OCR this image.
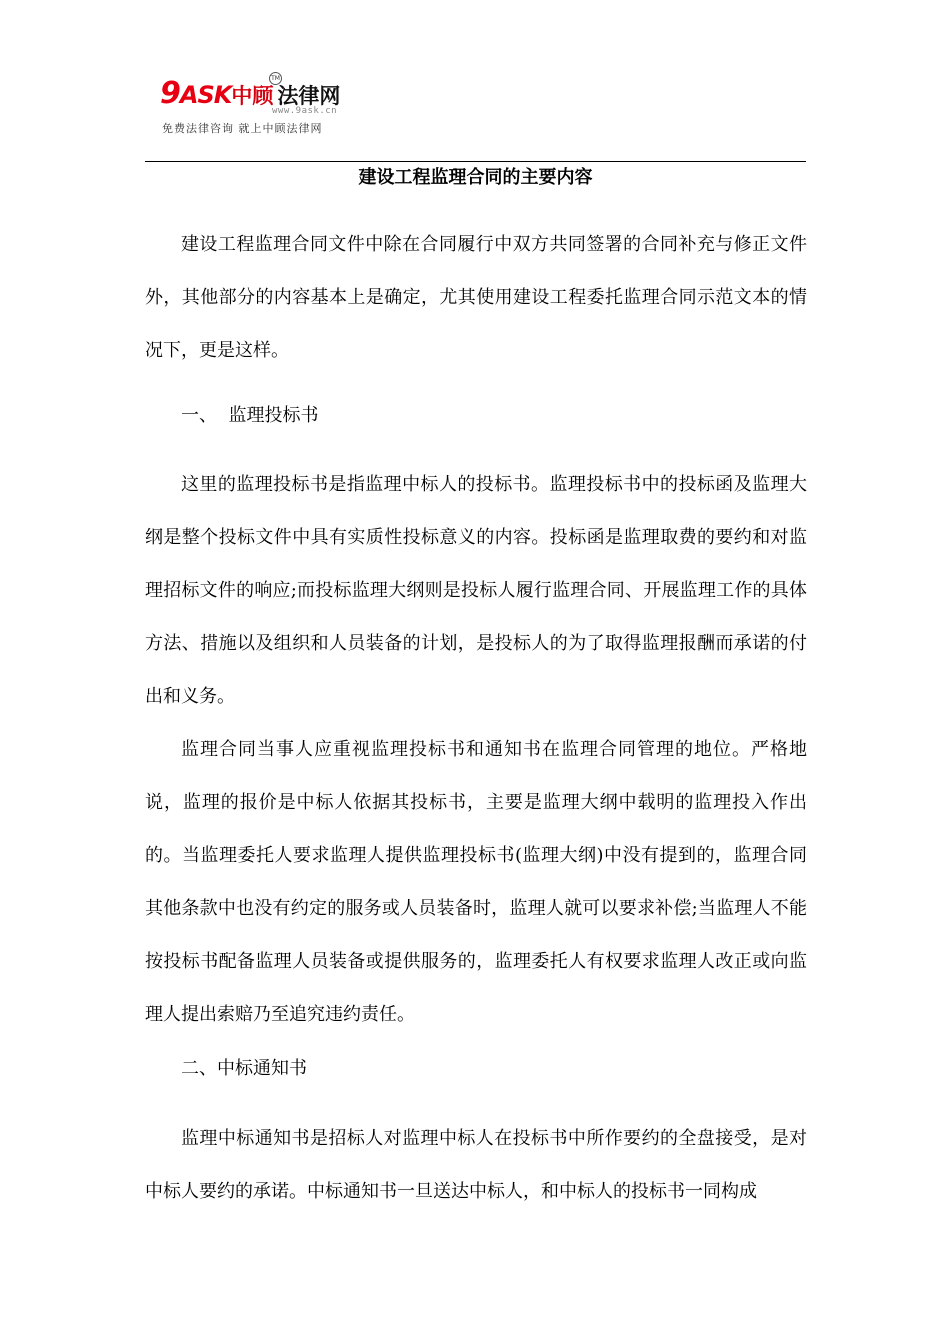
9ASK中顾 法律网
TM
www.9ask.cn
免费法律咨询 就上中顾法律网
建设工程监理合同的主要内容

建设工程监理合同文件中除在合同履行中双方共同签署的合同补充与修正文件外，其他部分的内容基本上是确定，尤其使用建设工程委托监理合同示范文本的情况下，更是这样。

一、  监理投标书

这里的监理投标书是指监理中标人的投标书。监理投标书中的投标函及监理大纲是整个投标文件中具有实质性投标意义的内容。投标函是监理取费的要约和对监理招标文件的响应;而投标监理大纲则是投标人履行监理合同、开展监理工作的具体方法、措施以及组织和人员装备的计划，是投标人的为了取得监理报酬而承诺的付出和义务。

监理合同当事人应重视监理投标书和通知书在监理合同管理的地位。严格地说，监理的报价是中标人依据其投标书，主要是监理大纲中载明的监理投入作出的。当监理委托人要求监理人提供监理投标书(监理大纲)中没有提到的，监理合同其他条款中也没有约定的服务或人员装备时，监理人就可以要求补偿;当监理人不能按投标书配备监理人员装备或提供服务的，监理委托人有权要求监理人改正或向监理人提出索赔乃至追究违约责任。

二、中标通知书

监理中标通知书是招标人对监理中标人在投标书中所作要约的全盘接受，是对中标人要约的承诺。中标通知书一旦送达中标人，和中标人的投标书一同构成
